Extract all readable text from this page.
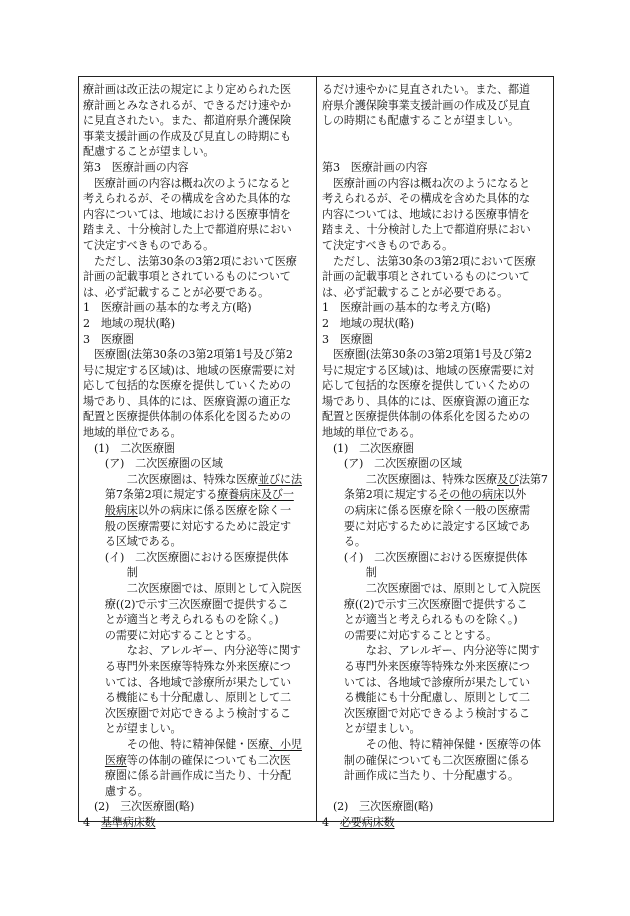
療計画は改正法の規定により定められた医
療計画とみなされるが、できるだけ速やか
に見直されたい。また、都道府県介護保険
事業支援計画の作成及び見直しの時期にも
配慮することが望ましい。
第3　医療計画の内容
　医療計画の内容は概ね次のようになると
考えられるが、その構成を含めた具体的な
内容については、地域における医療事情を
踏まえ、十分検討した上で都道府県におい
て決定すべきものである。
　ただし、法第30条の3第2項において医療
計画の記載事項とされているものについて
は、必ず記載することが必要である。
1　医療計画の基本的な考え方(略)
2　地域の現状(略)
3　医療圏
　医療圏(法第30条の3第2項第1号及び第2
号に規定する区域)は、地域の医療需要に対
応して包括的な医療を提供していくための
場であり、具体的には、医療資源の適正な
配置と医療提供体制の体系化を図るための
地域的単位である。
　(1)　二次医療圏
　　(ア)　二次医療圏の区域
　　　　二次医療圏は、特殊な医療並びに法
　　第7条第2項に規定する療養病床及び一
　　般病床以外の病床に係る医療を除く一
　　般の医療需要に対応するために設定す
　　る区域である。
　　(イ)　二次医療圏における医療提供体
　　　　制
　　　　二次医療圏では、原則として入院医
　　療((2)で示す三次医療圏で提供するこ
　　とが適当と考えられるものを除く。)
　　の需要に対応することとする。
　　　　なお、アレルギー、内分泌等に関す
　　る専門外来医療等特殊な外来医療につ
　　いては、各地域で診療所が果たしてい
　　る機能にも十分配慮し、原則として二
　　次医療圏で対応できるよう検討するこ
　　とが望ましい。
　　　　その他、特に精神保健・医療、小児
　　医療等の体制の確保についても二次医
　　療圏に係る計画作成に当たり、十分配
　　慮する。
　(2)　三次医療圏(略)
4　基準病床数
るだけ速やかに見直されたい。また、都道
府県介護保険事業支援計画の作成及び見直
しの時期にも配慮することが望ましい。
第3　医療計画の内容
　医療計画の内容は概ね次のようになると
考えられるが、その構成を含めた具体的な
内容については、地域における医療事情を
踏まえ、十分検討した上で都道府県におい
て決定すべきものである。
　ただし、法第30条の3第2項において医療
計画の記載事項とされているものについて
は、必ず記載することが必要である。
1　医療計画の基本的な考え方(略)
2　地域の現状(略)
3　医療圏
　医療圏(法第30条の3第2項第1号及び第2
号に規定する区域)は、地域の医療需要に対
応して包括的な医療を提供していくための
場であり、具体的には、医療資源の適正な
配置と医療提供体制の体系化を図るための
地域的単位である。
　(1)　二次医療圏
　　(ア)　二次医療圏の区域
　　　　二次医療圏は、特殊な医療及び法第7
　　条第2項に規定するその他の病床以外
　　の病床に係る医療を除く一般の医療需
　　要に対応するために設定する区域であ
　　る。
　　(イ)　二次医療圏における医療提供体
　　　　制
　　　　二次医療圏では、原則として入院医
　　療((2)で示す三次医療圏で提供するこ
　　とが適当と考えられるものを除く。)
　　の需要に対応することとする。
　　　　なお、アレルギー、内分泌等に関す
　　る専門外来医療等特殊な外来医療につ
　　いては、各地域で診療所が果たしてい
　　る機能にも十分配慮し、原則として二
　　次医療圏で対応できるよう検討するこ
　　とが望ましい。
　　　　その他、特に精神保健・医療等の体
　　制の確保についても二次医療圏に係る
　　計画作成に当たり、十分配慮する。
　(2)　三次医療圏(略)
4　必要病床数
